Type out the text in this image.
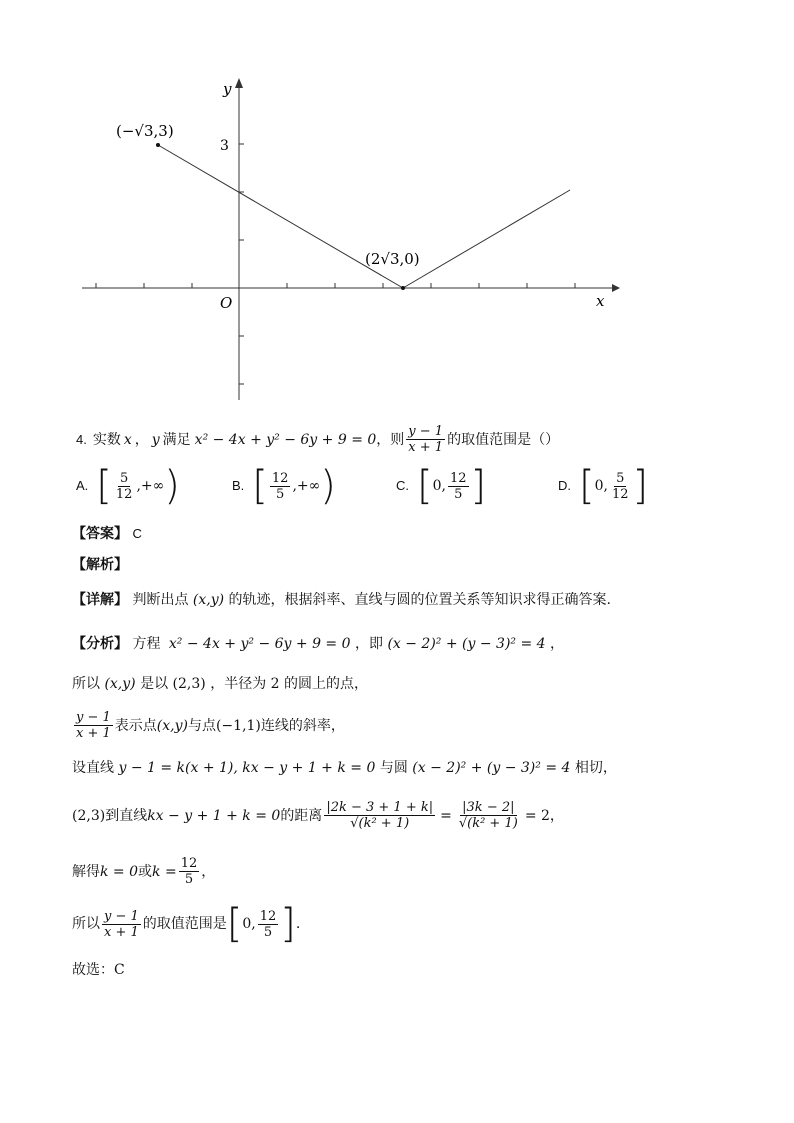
y
x
O
3
(−√3,3)
(2√3,0)
4. 实数 x ， y 满足 x² − 4x + y² − 6y + 9 = 0 ，则 $\frac{y - 1}{x + 1}$ 的取值范围是（）
A. [ $\frac{5}{12}$ ,+∞ )	B. [ $\frac{12}{5}$ ,+∞ )	C. [ 0, $\frac{12}{5}$ ]	D. [ 0, $\frac{5}{12}$ ]
【答案】 C
【解析】
【详解】 判断出点 (x,y) 的轨迹，根据斜率、直线与圆的位置关系等知识求得正确答案.
【分析】 方程 x² − 4x + y² − 6y + 9 = 0 ，即 (x − 2)² + (y − 3)² = 4 ，
所以 (x,y) 是以 (2,3) ，半径为 2 的圆上的点，
$\frac{y - 1}{x + 1}$ 表示点 (x,y) 与点 (−1,1) 连线的斜率，
设直线 y − 1 = k(x + 1), kx − y + 1 + k = 0 与圆 (x − 2)² + (y − 3)² = 4 相切，
(2,3) 到直线 kx − y + 1 + k = 0 的距离 $\frac{|2k - 3 + 1 + k|}{\text{√(k² + 1)}} = \frac{|3k - 2|}{\text{√(k² + 1)}} = 2$，
解得 k = 0 或 $k = \frac{12}{5}$ ，
所以 $\frac{y - 1}{x + 1}$ 的取值范围是 [ 0, $\frac{12}{5}$ ] .
故选：C
